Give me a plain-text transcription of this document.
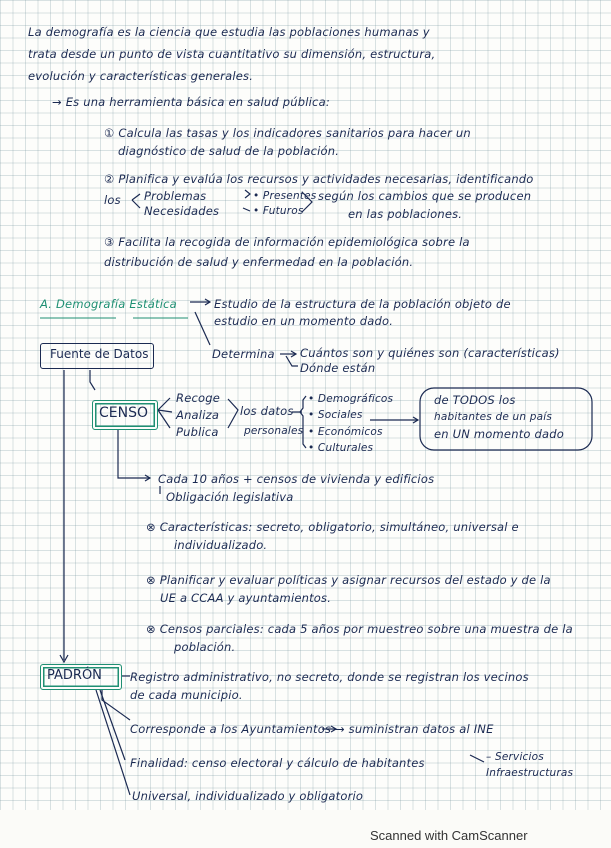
La demografía es la ciencia que estudia las poblaciones humanas y
trata desde un punto de vista cuantitativo su dimensión, estructura,
evolución y características generales.
→ Es una herramienta básica en salud pública:
① Calcula las tasas y los indicadores sanitarios para hacer un
diagnóstico de salud de la población.
② Planifica y evalúa los recursos y actividades necesarias, identificando
los Problemas
Necesidades
• Presentes
• Futuros
según los cambios que se producen
en las poblaciones.
③ Facilita la recogida de información epidemiológica sobre la
distribución de salud y enfermedad en la población.
A. Demografía Estática	Estudio de la estructura de la población objeto de
estudio en un momento dado.
Fuente de Datos	Determina Cuántos son y quiénes son (características)
Dónde están
CENSO
Recoge
Analiza
Publica
los datos
personales
• Demográficos
• Sociales
• Económicos
• Culturales
de TODOS los
habitantes de un país
en UN momento dado
Cada 10 años + censos de vivienda y edificios
Obligación legislativa
⊗ Características: secreto, obligatorio, simultáneo, universal e
individualizado.
⊗ Planificar y evaluar políticas y asignar recursos del estado y de la
UE a CCAA y ayuntamientos.
⊗ Censos parciales: cada 5 años por muestreo sobre una muestra de la
población.
PADRÓN Registro administrativo, no secreto, donde se registran los vecinos
de cada municipio.
Corresponde a los Ayuntamientos → suministran datos al INE
Finalidad: censo electoral y cálculo de habitantes	– Servicios
Infraestructuras
Universal, individualizado y obligatorio
Scanned with CamScanner
